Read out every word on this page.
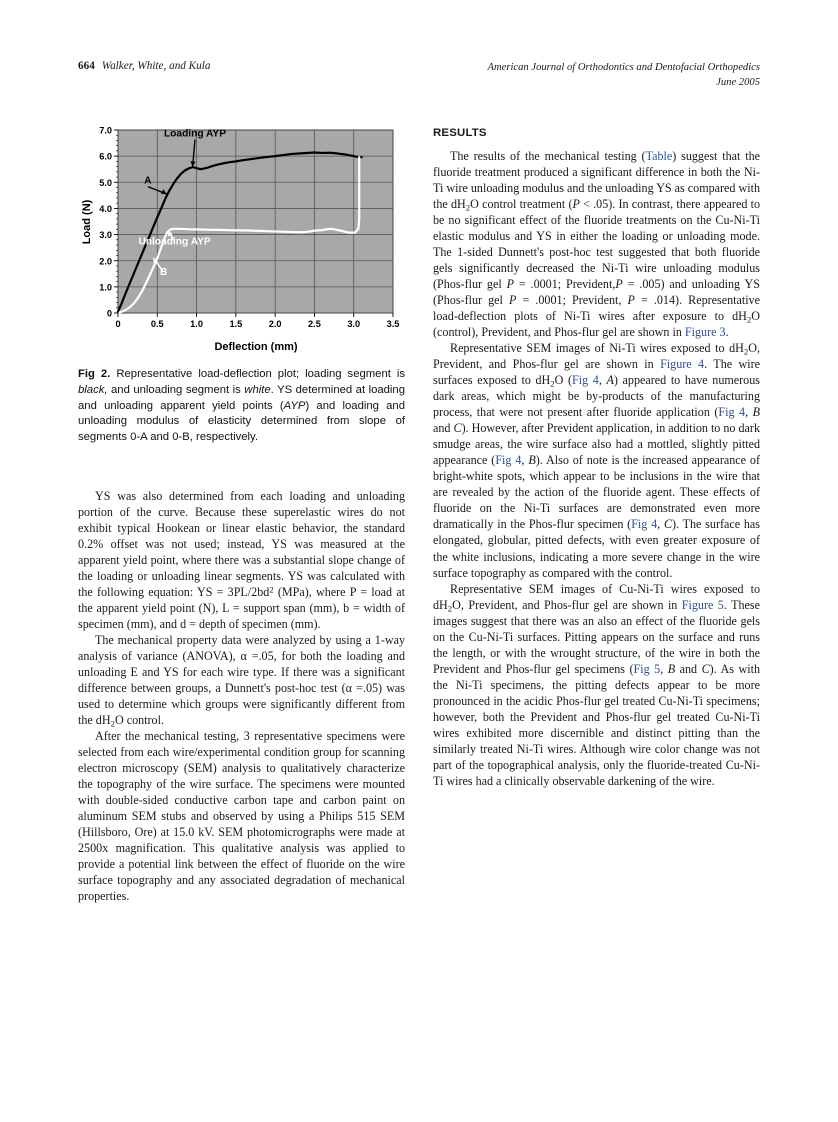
664 Walker, White, and Kula	American Journal of Orthodontics and Dentofacial Orthopedics
June 2005
0
1.0
2.0
3.0
4.0
5.0
6.0
7.0
0	0.5	1.0	1.5	2.0	2.5	3.0	3.5
Loading AYP
A
Unloading AYP
B
Load (N)
Deflection (mm)
Fig 2. Representative load-deflection plot; loading segment is black, and unloading segment is white. YS determined at loading and unloading apparent yield points (AYP) and loading and unloading modulus of elasticity determined from slope of segments 0-A and 0-B, respectively.

YS was also determined from each loading and unloading portion of the curve. Because these superelastic wires do not exhibit typical Hookean or linear elastic behavior, the standard 0.2% offset was not used; instead, YS was measured at the apparent yield point, where there was a substantial slope change of the loading or unloading linear segments. YS was calculated with the following equation: YS = $3PL/2bd^2$ (MPa), where P = load at the apparent yield point (N), L = support span (mm), b = width of specimen (mm), and d = depth of specimen (mm).

The mechanical property data were analyzed by using a 1-way analysis of variance (ANOVA), α =.05, for both the loading and unloading E and YS for each wire type. If there was a significant difference between groups, a Dunnett's post-hoc test (α =.05) was used to determine which groups were significantly different from the $dH_2O$ control.

After the mechanical testing, 3 representative specimens were selected from each wire/experimental condition group for scanning electron microscopy (SEM) analysis to qualitatively characterize the topography of the wire surface. The specimens were mounted with double-sided conductive carbon tape and carbon paint on aluminum SEM stubs and observed by using a Philips 515 SEM (Hillsboro, Ore) at 15.0 kV. SEM photomicrographs were made at 2500x magnification. This qualitative analysis was applied to provide a potential link between the effect of fluoride on the wire surface topography and any associated degradation of mechanical properties.

RESULTS

The results of the mechanical testing (Table) suggest that the fluoride treatment produced a significant difference in both the Ni-Ti wire unloading modulus and the unloading YS as compared with the $dH_2O$ control treatment (P < .05). In contrast, there appeared to be no significant effect of the fluoride treatments on the Cu-Ni-Ti elastic modulus and YS in either the loading or unloading mode. The 1-sided Dunnett's post-hoc test suggested that both fluoride gels significantly decreased the Ni-Ti wire unloading modulus (Phos-flur gel P = .0001; Prevident,P = .005) and unloading YS (Phos-flur gel P = .0001; Prevident, P = .014). Representative load-deflection plots of Ni-Ti wires after exposure to $dH_2O$ (control), Prevident, and Phos-flur gel are shown in Figure 3.

Representative SEM images of Ni-Ti wires exposed to $dH_2O$, Prevident, and Phos-flur gel are shown in Figure 4. The wire surfaces exposed to $dH_2O$ (Fig 4, A) appeared to have numerous dark areas, which might be by-products of the manufacturing process, that were not present after fluoride application (Fig 4, B and C). However, after Prevident application, in addition to no dark smudge areas, the wire surface also had a mottled, slightly pitted appearance (Fig 4, B). Also of note is the increased appearance of bright-white spots, which appear to be inclusions in the wire that are revealed by the action of the fluoride agent. These effects of fluoride on the Ni-Ti surfaces are demonstrated even more dramatically in the Phos-flur specimen (Fig 4, C). The surface has elongated, globular, pitted defects, with even greater exposure of the white inclusions, indicating a more severe change in the wire surface topography as compared with the control.

Representative SEM images of Cu-Ni-Ti wires exposed to $dH_2O$, Prevident, and Phos-flur gel are shown in Figure 5. These images suggest that there was an also an effect of the fluoride gels on the Cu-Ni-Ti surfaces. Pitting appears on the surface and runs the length, or with the wrought structure, of the wire in both the Prevident and Phos-flur gel specimens (Fig 5, B and C). As with the Ni-Ti specimens, the pitting defects appear to be more pronounced in the acidic Phos-flur gel treated Cu-Ni-Ti specimens; however, both the Prevident and Phos-flur gel treated Cu-Ni-Ti wires exhibited more discernible and distinct pitting than the similarly treated Ni-Ti wires. Although wire color change was not part of the topographical analysis, only the fluoride-treated Cu-Ni-Ti wires had a clinically observable darkening of the wire.
